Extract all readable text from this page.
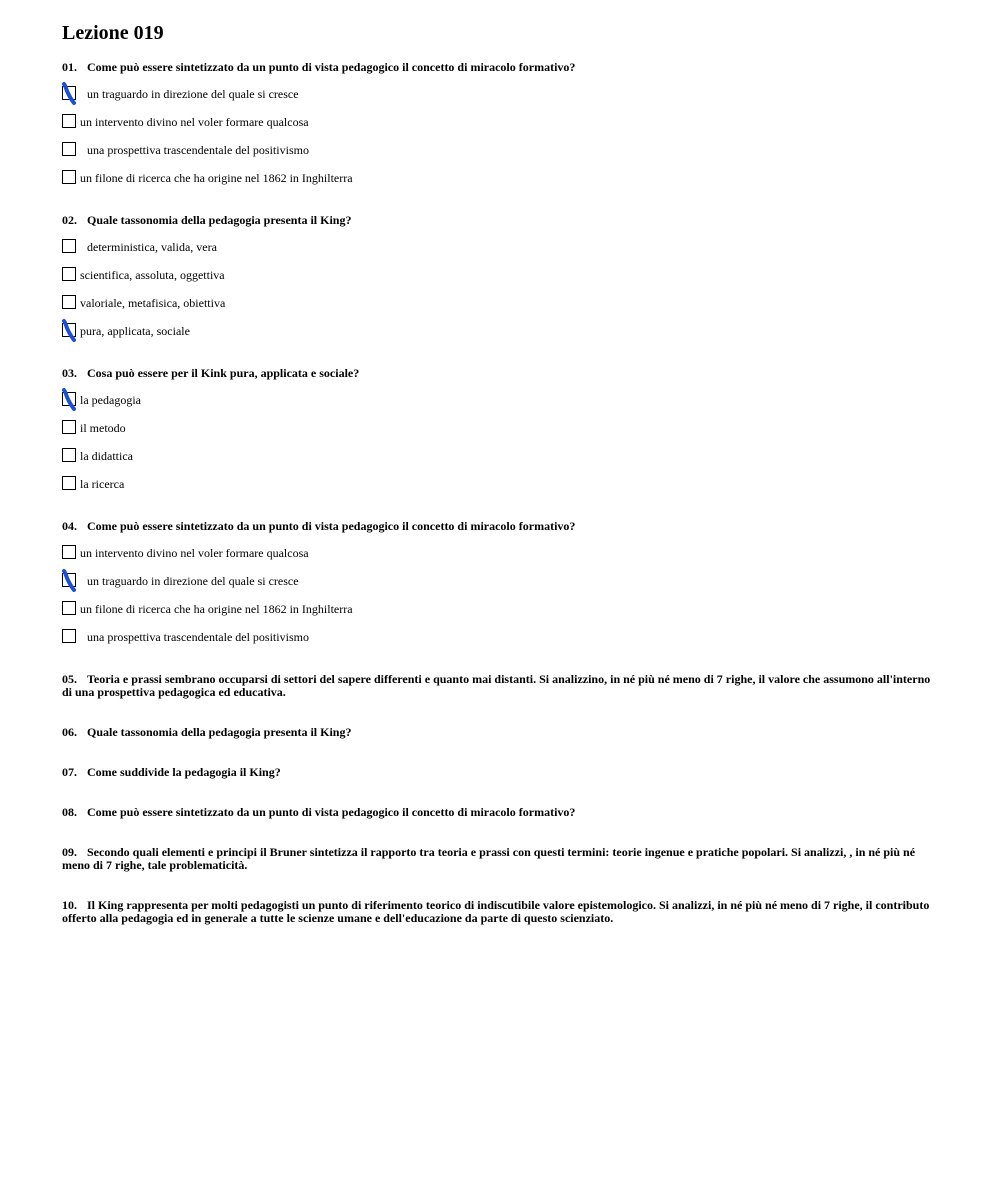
Lezione 019

01. Come può essere sintetizzato da un punto di vista pedagogico il concetto di miracolo formativo?

un traguardo in direzione del quale si cresce
un intervento divino nel voler formare qualcosa
una prospettiva trascendentale del positivismo
un filone di ricerca che ha origine nel 1862 in Inghilterra

02. Quale tassonomia della pedagogia presenta il King?

deterministica, valida, vera
scientifica, assoluta, oggettiva
valoriale, metafisica, obiettiva
pura, applicata, sociale

03. Cosa può essere per il Kink pura, applicata e sociale?

la pedagogia
il metodo
la didattica
la ricerca

04. Come può essere sintetizzato da un punto di vista pedagogico il concetto di miracolo formativo?

un intervento divino nel voler formare qualcosa
un traguardo in direzione del quale si cresce
un filone di ricerca che ha origine nel 1862 in Inghilterra
una prospettiva trascendentale del positivismo

05. Teoria e prassi sembrano occuparsi di settori del sapere differenti e quanto mai distanti. Si analizzino, in né più né meno di 7 righe, il valore che assumono all'interno di una prospettiva pedagogica ed educativa.

06. Quale tassonomia della pedagogia presenta il King?

07. Come suddivide la pedagogia il King?

08. Come può essere sintetizzato da un punto di vista pedagogico il concetto di miracolo formativo?

09. Secondo quali elementi e principi il Bruner sintetizza il rapporto tra teoria e prassi con questi termini: teorie ingenue e pratiche popolari. Si analizzi, , in né più né meno di 7 righe, tale problematicità.

10. Il King rappresenta per molti pedagogisti un punto di riferimento teorico di indiscutibile valore epistemologico. Si analizzi, in né più né meno di 7 righe, il contributo offerto alla pedagogia ed in generale a tutte le scienze umane e dell'educazione da parte di questo scienziato.
